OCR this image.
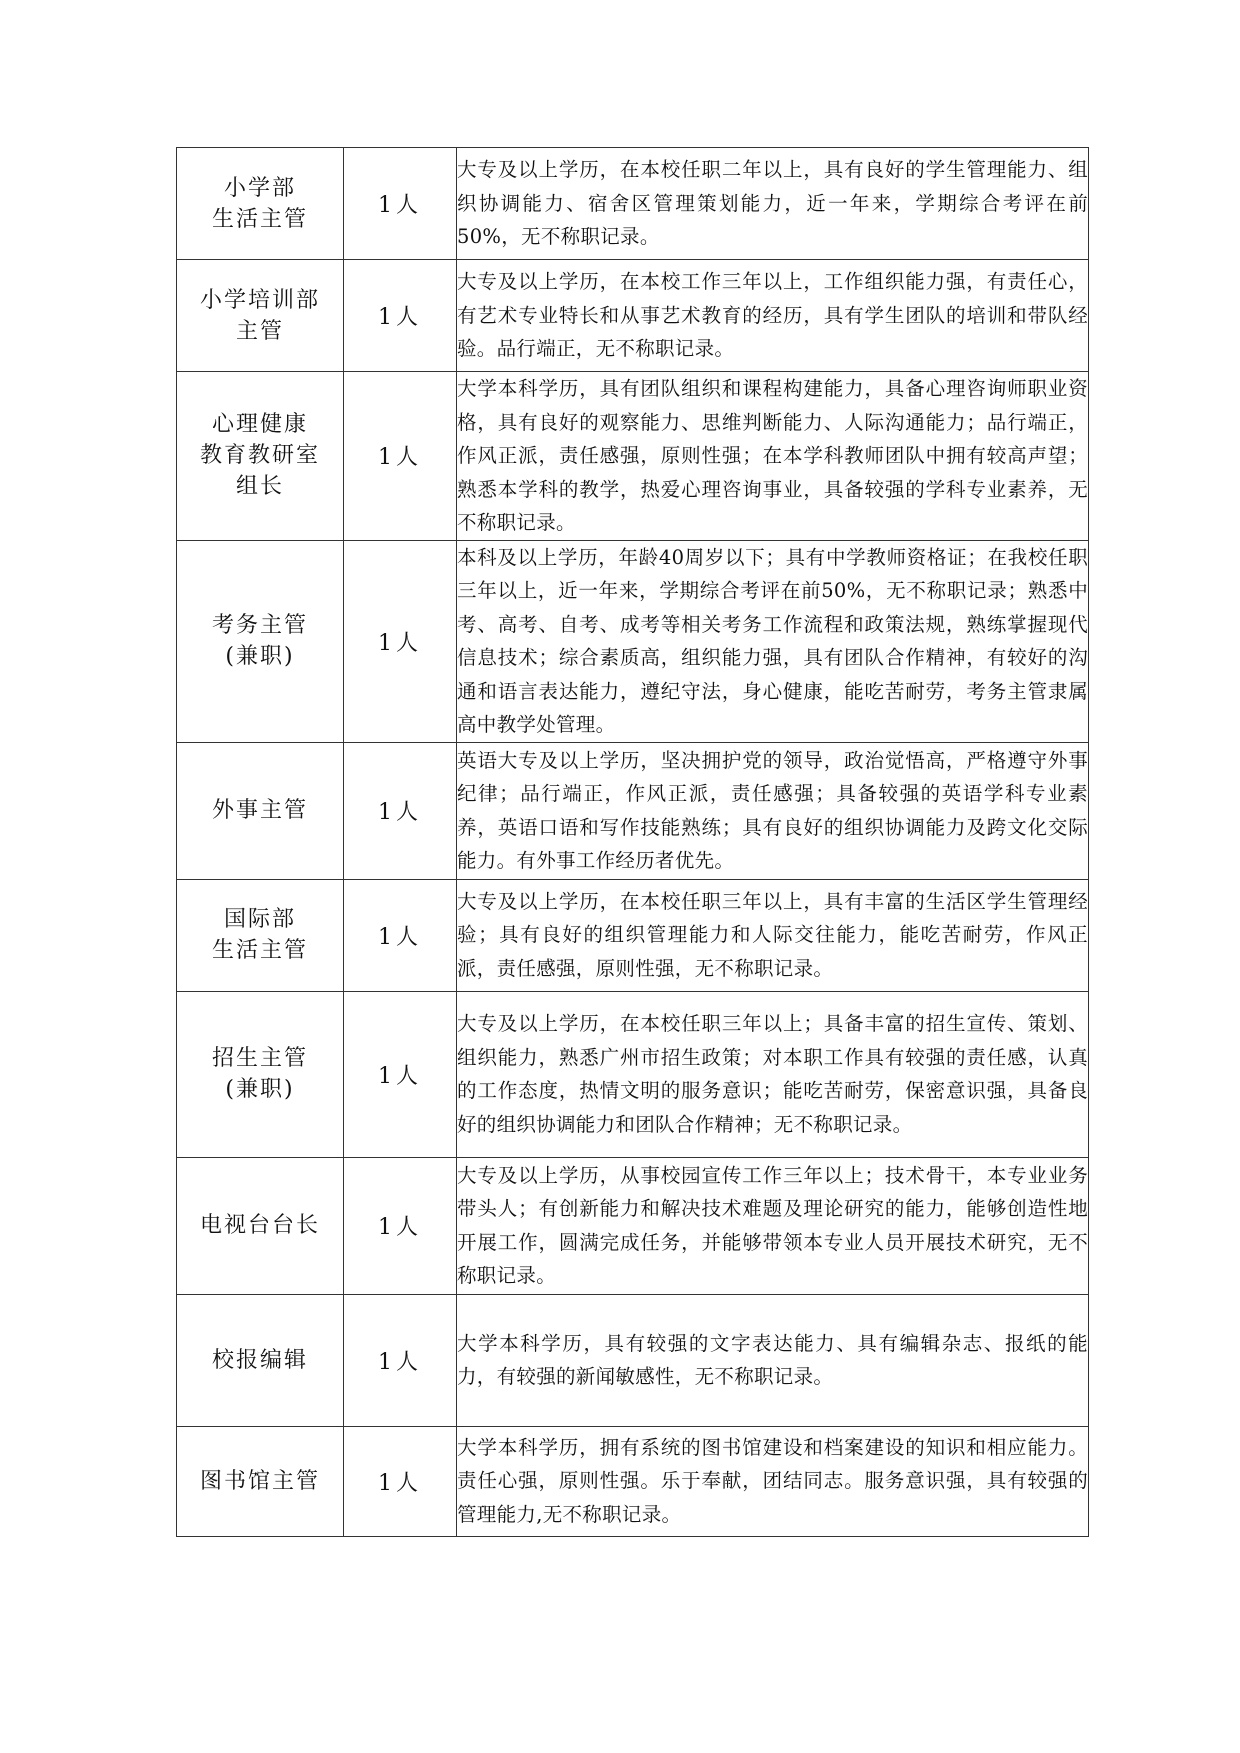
小学部
生活主管	1人	大专及以上学历，在本校任职二年以上，具有良好的学生管理能力、组织协调能力、宿舍区管理策划能力，近一年来，学期综合考评在前50%，无不称职记录。
小学培训部
主管	1人	大专及以上学历，在本校工作三年以上，工作组织能力强，有责任心，有艺术专业特长和从事艺术教育的经历，具有学生团队的培训和带队经验。品行端正，无不称职记录。
心理健康
教育教研室
组长	1人	大学本科学历，具有团队组织和课程构建能力，具备心理咨询师职业资格，具有良好的观察能力、思维判断能力、人际沟通能力；品行端正，作风正派，责任感强，原则性强；在本学科教师团队中拥有较高声望；熟悉本学科的教学，热爱心理咨询事业，具备较强的学科专业素养，无不称职记录。
考务主管
(兼职)	1人	本科及以上学历，年龄40周岁以下；具有中学教师资格证；在我校任职三年以上，近一年来，学期综合考评在前50%，无不称职记录；熟悉中考、高考、自考、成考等相关考务工作流程和政策法规，熟练掌握现代信息技术；综合素质高，组织能力强，具有团队合作精神，有较好的沟通和语言表达能力，遵纪守法，身心健康，能吃苦耐劳，考务主管隶属高中教学处管理。
外事主管	1人	英语大专及以上学历，坚决拥护党的领导，政治觉悟高，严格遵守外事纪律；品行端正，作风正派，责任感强；具备较强的英语学科专业素养，英语口语和写作技能熟练；具有良好的组织协调能力及跨文化交际能力。有外事工作经历者优先。
国际部
生活主管	1人	大专及以上学历，在本校任职三年以上，具有丰富的生活区学生管理经验；具有良好的组织管理能力和人际交往能力，能吃苦耐劳，作风正派，责任感强，原则性强，无不称职记录。
招生主管
(兼职)	1人	大专及以上学历，在本校任职三年以上；具备丰富的招生宣传、策划、组织能力，熟悉广州市招生政策；对本职工作具有较强的责任感，认真的工作态度，热情文明的服务意识；能吃苦耐劳，保密意识强，具备良好的组织协调能力和团队合作精神；无不称职记录。
电视台台长	1人	大专及以上学历，从事校园宣传工作三年以上；技术骨干，本专业业务带头人；有创新能力和解决技术难题及理论研究的能力，能够创造性地开展工作，圆满完成任务，并能够带领本专业人员开展技术研究，无不称职记录。
校报编辑	1人	大学本科学历，具有较强的文字表达能力、具有编辑杂志、报纸的能力，有较强的新闻敏感性，无不称职记录。
图书馆主管	1人	大学本科学历，拥有系统的图书馆建设和档案建设的知识和相应能力。责任心强，原则性强。乐于奉献，团结同志。服务意识强，具有较强的管理能力,无不称职记录。
